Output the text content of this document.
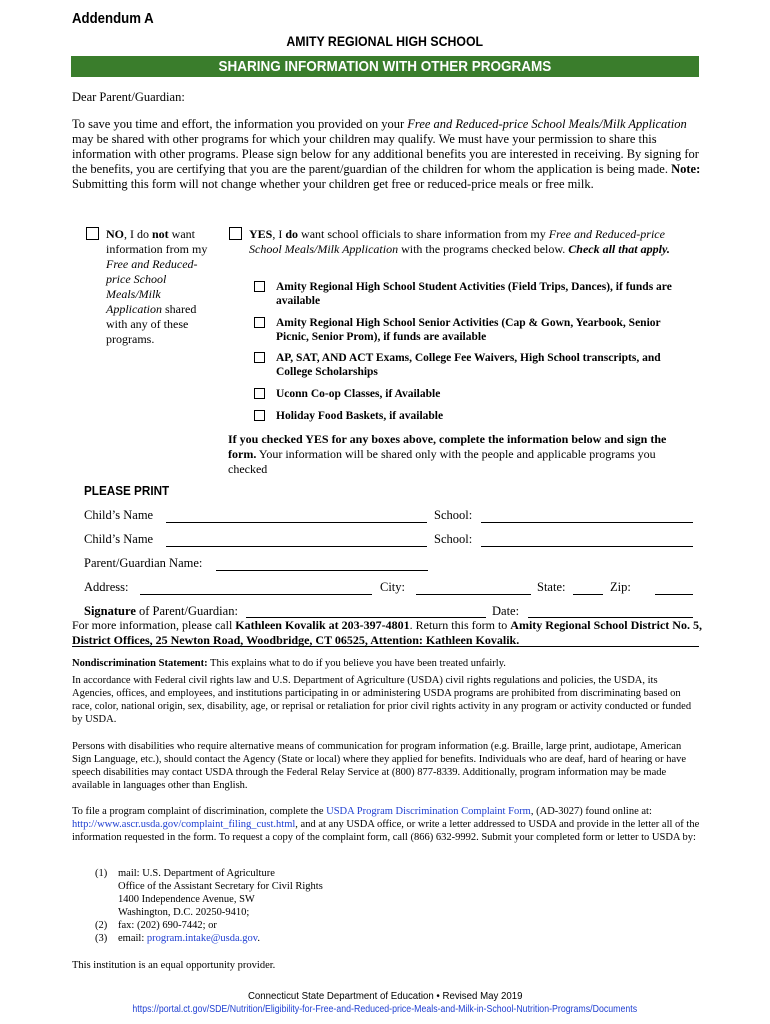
Addendum A
AMITY REGIONAL HIGH SCHOOL
SHARING INFORMATION WITH OTHER PROGRAMS
Dear Parent/Guardian:
To save you time and effort, the information you provided on your Free and Reduced-price School Meals/Milk Application may be shared with other programs for which your children may qualify. We must have your permission to share this information with other programs. Please sign below for any additional benefits you are interested in receiving. By signing for the benefits, you are certifying that you are the parent/guardian of the children for whom the application is being made. Note: Submitting this form will not change whether your children get free or reduced-price meals or free milk.
NO, I do not want information from my Free and Reduced-price School Meals/Milk Application shared with any of these programs.
YES, I do want school officials to share information from my Free and Reduced-price School Meals/Milk Application with the programs checked below. Check all that apply.
Amity Regional High School Student Activities (Field Trips, Dances), if funds are available
Amity Regional High School Senior Activities (Cap & Gown, Yearbook, Senior Picnic, Senior Prom), if funds are available
AP, SAT, AND ACT Exams, College Fee Waivers, High School transcripts, and College Scholarships
Uconn Co-op Classes, if Available
Holiday Food Baskets, if available
If you checked YES for any boxes above, complete the information below and sign the form. Your information will be shared only with the people and applicable programs you checked
PLEASE PRINT
Child’s Name	School:
Child’s Name	School:
Parent/Guardian Name:
Address:	City:	State:	Zip:
Signature of Parent/Guardian:	Date:
For more information, please call Kathleen Kovalik at 203-397-4801. Return this form to Amity Regional School District No. 5, District Offices, 25 Newton Road, Woodbridge, CT 06525, Attention: Kathleen Kovalik.
Nondiscrimination Statement: This explains what to do if you believe you have been treated unfairly.
In accordance with Federal civil rights law and U.S. Department of Agriculture (USDA) civil rights regulations and policies, the USDA, its Agencies, offices, and employees, and institutions participating in or administering USDA programs are prohibited from discriminating based on race, color, national origin, sex, disability, age, or reprisal or retaliation for prior civil rights activity in any program or activity conducted or funded by USDA.
Persons with disabilities who require alternative means of communication for program information (e.g. Braille, large print, audiotape, American Sign Language, etc.), should contact the Agency (State or local) where they applied for benefits. Individuals who are deaf, hard of hearing or have speech disabilities may contact USDA through the Federal Relay Service at (800) 877-8339. Additionally, program information may be made available in languages other than English.
To file a program complaint of discrimination, complete the USDA Program Discrimination Complaint Form, (AD-3027) found online at: http://www.ascr.usda.gov/complaint_filing_cust.html, and at any USDA office, or write a letter addressed to USDA and provide in the letter all of the information requested in the form. To request a copy of the complaint form, call (866) 632-9992. Submit your completed form or letter to USDA by:
(1) mail: U.S. Department of Agriculture
Office of the Assistant Secretary for Civil Rights
1400 Independence Avenue, SW
Washington, D.C. 20250-9410;
(2) fax: (202) 690-7442; or
(3) email: program.intake@usda.gov.
This institution is an equal opportunity provider.
Connecticut State Department of Education • Revised May 2019
https://portal.ct.gov/SDE/Nutrition/Eligibility-for-Free-and-Reduced-price-Meals-and-Milk-in-School-Nutrition-Programs/Documents
